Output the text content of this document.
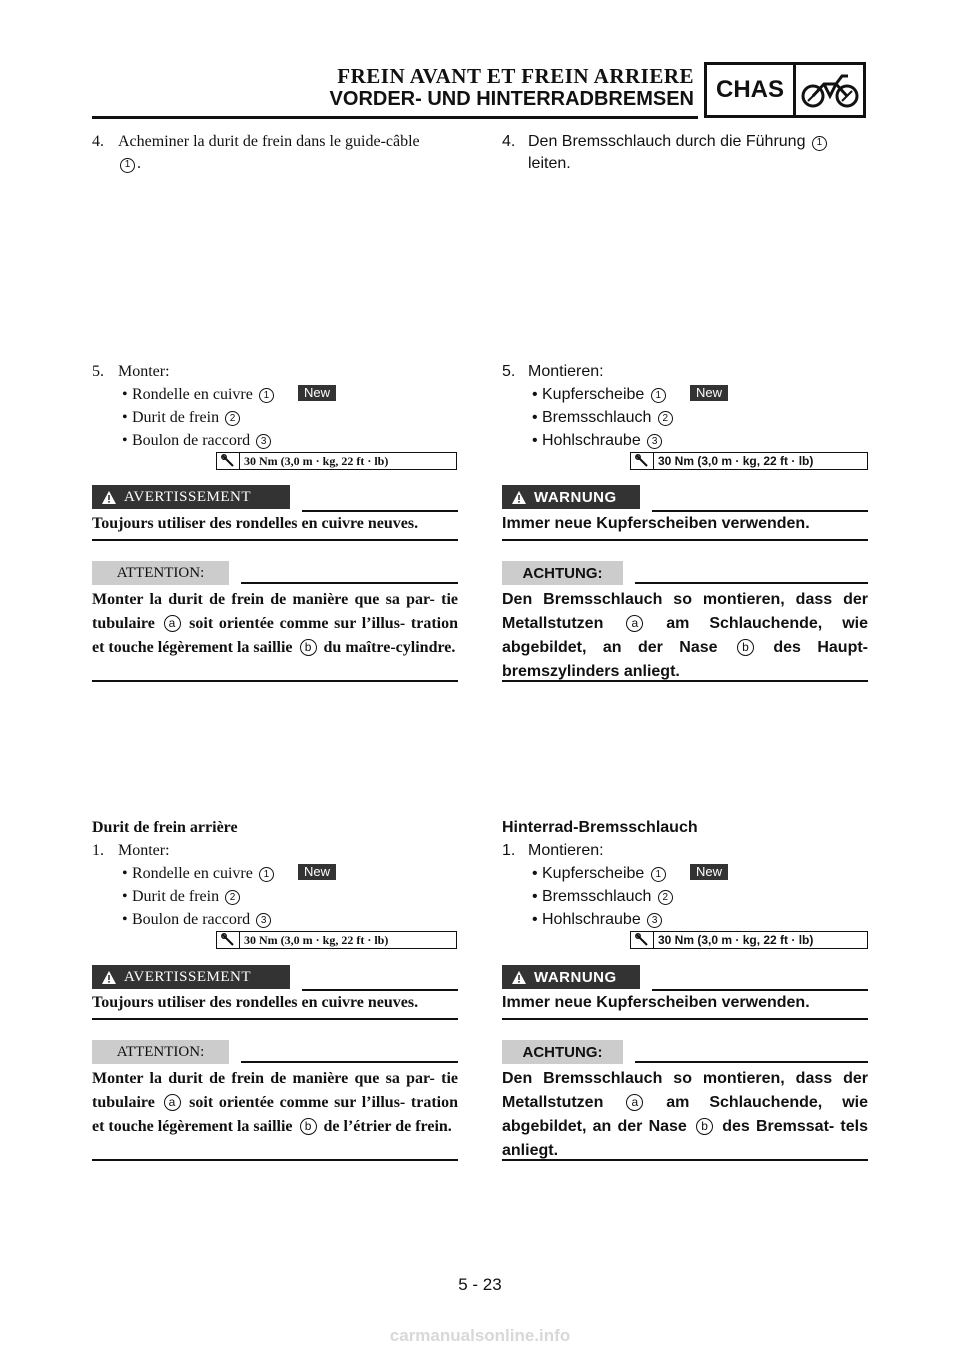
FREIN AVANT ET FREIN ARRIERE
VORDER- UND HINTERRADBREMSEN CHAS
4. Acheminer la durit de frein dans le guide-câble
1 .
5. Monter:
• Rondelle en cuivre 1
• Durit de frein 2
• Boulon de raccord 3
New
30 Nm (3,0 m · kg, 22 ft · lb)
AVERTISSEMENT
Toujours utiliser des rondelles en cuivre neuves.
ATTENTION:
Monter la durit de frein de manière que sa par- tie tubulaire a soit orientée comme sur l’illus- tration et touche légèrement la saillie b du maître-cylindre.
Durit de frein arrière
1. Monter:
• Rondelle en cuivre 1
• Durit de frein 2
• Boulon de raccord 3
New
30 Nm (3,0 m · kg, 22 ft · lb)
AVERTISSEMENT
Toujours utiliser des rondelles en cuivre neuves.
ATTENTION:
Monter la durit de frein de manière que sa par- tie tubulaire a soit orientée comme sur l’illus- tration et touche légèrement la saillie b de l’étrier de frein.
4. Den Bremsschlauch durch die Führung 1
leiten.
5. Montieren:
• Kupferscheibe 1
• Bremsschlauch 2
• Hohlschraube 3
New
30 Nm (3,0 m · kg, 22 ft · lb)
WARNUNG
Immer neue Kupferscheiben verwenden.
ACHTUNG:
Den Bremsschlauch so montieren, dass der Metallstutzen a am Schlauchende, wie abgebildet, an der Nase b des Haupt- bremszylinders anliegt.
Hinterrad-Bremsschlauch
1. Montieren:
• Kupferscheibe 1
• Bremsschlauch 2
• Hohlschraube 3
New
30 Nm (3,0 m · kg, 22 ft · lb)
WARNUNG
Immer neue Kupferscheiben verwenden.
ACHTUNG:
Den Bremsschlauch so montieren, dass der Metallstutzen a am Schlauchende, wie abgebildet, an der Nase b des Bremssat- tels anliegt.
5 - 23
carmanualsonline.info
